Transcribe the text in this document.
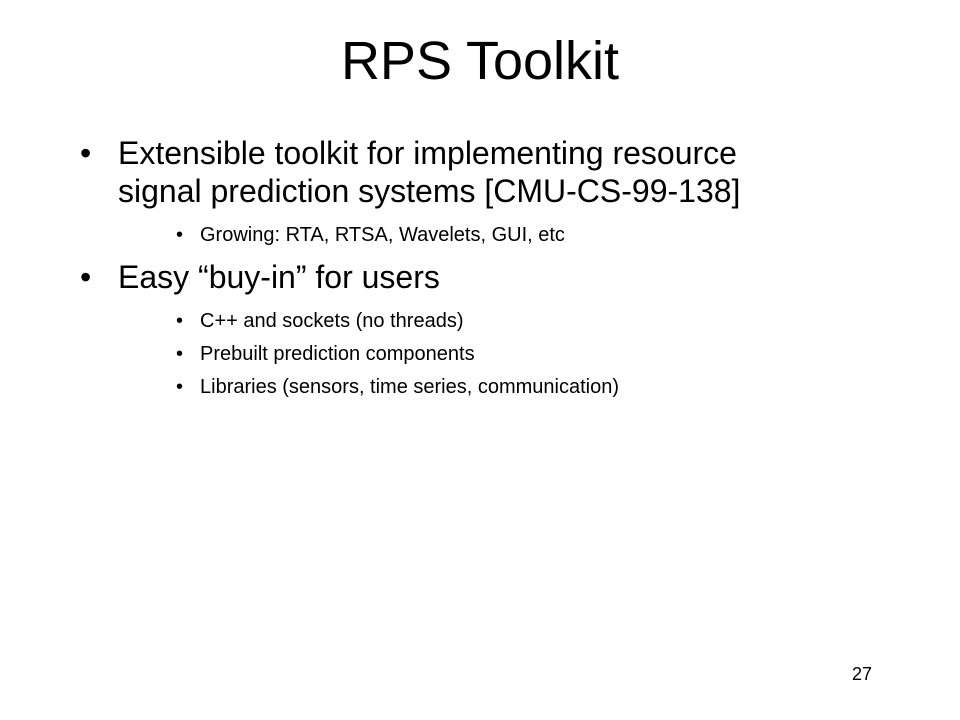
RPS Toolkit
• Extensible toolkit for implementing resource
signal prediction systems [CMU-CS-99-138]
• Growing: RTA, RTSA, Wavelets, GUI, etc
• Easy “buy-in” for users
• C++ and sockets (no threads)
• Prebuilt prediction components
• Libraries (sensors, time series, communication)
27
